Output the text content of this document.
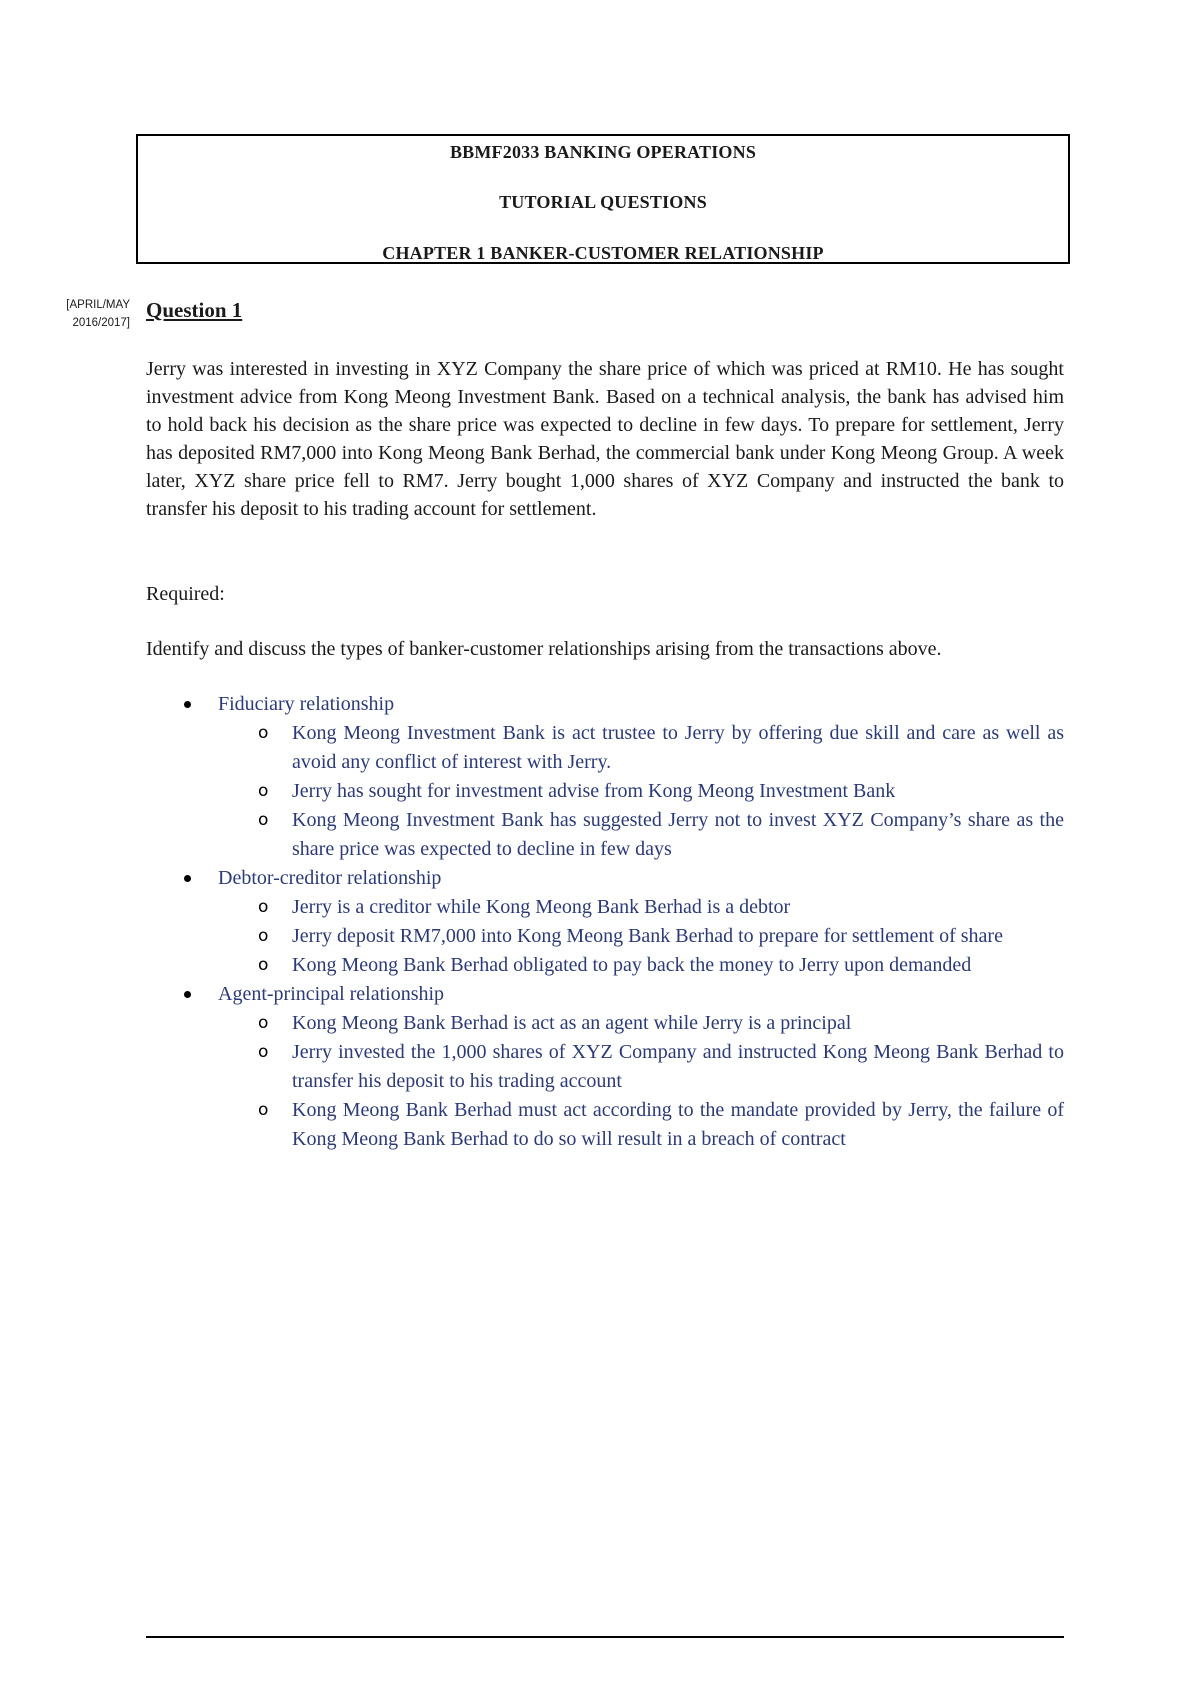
BBMF2033 BANKING OPERATIONS
TUTORIAL QUESTIONS
CHAPTER 1 BANKER-CUSTOMER RELATIONSHIP
[APRIL/MAY
2016/2017]
Question 1
Jerry was interested in investing in XYZ Company the share price of which was priced at RM10. He has sought investment advice from Kong Meong Investment Bank. Based on a technical analysis, the bank has advised him to hold back his decision as the share price was expected to decline in few days. To prepare for settlement, Jerry has deposited RM7,000 into Kong Meong Bank Berhad, the commercial bank under Kong Meong Group. A week later, XYZ share price fell to RM7. Jerry bought 1,000 shares of XYZ Company and instructed the bank to transfer his deposit to his trading account for settlement.
Required:
Identify and discuss the types of banker-customer relationships arising from the transactions above.
Fiduciary relationship
o Kong Meong Investment Bank is act trustee to Jerry by offering due skill and care as well as avoid any conflict of interest with Jerry.
o Jerry has sought for investment advise from Kong Meong Investment Bank
o Kong Meong Investment Bank has suggested Jerry not to invest XYZ Company’s share as the share price was expected to decline in few days
Debtor-creditor relationship
o Jerry is a creditor while Kong Meong Bank Berhad is a debtor
o Jerry deposit RM7,000 into Kong Meong Bank Berhad to prepare for settlement of share
o Kong Meong Bank Berhad obligated to pay back the money to Jerry upon demanded
Agent-principal relationship
o Kong Meong Bank Berhad is act as an agent while Jerry is a principal
o Jerry invested the 1,000 shares of XYZ Company and instructed Kong Meong Bank Berhad to transfer his deposit to his trading account
o Kong Meong Bank Berhad must act according to the mandate provided by Jerry, the failure of Kong Meong Bank Berhad to do so will result in a breach of contract
